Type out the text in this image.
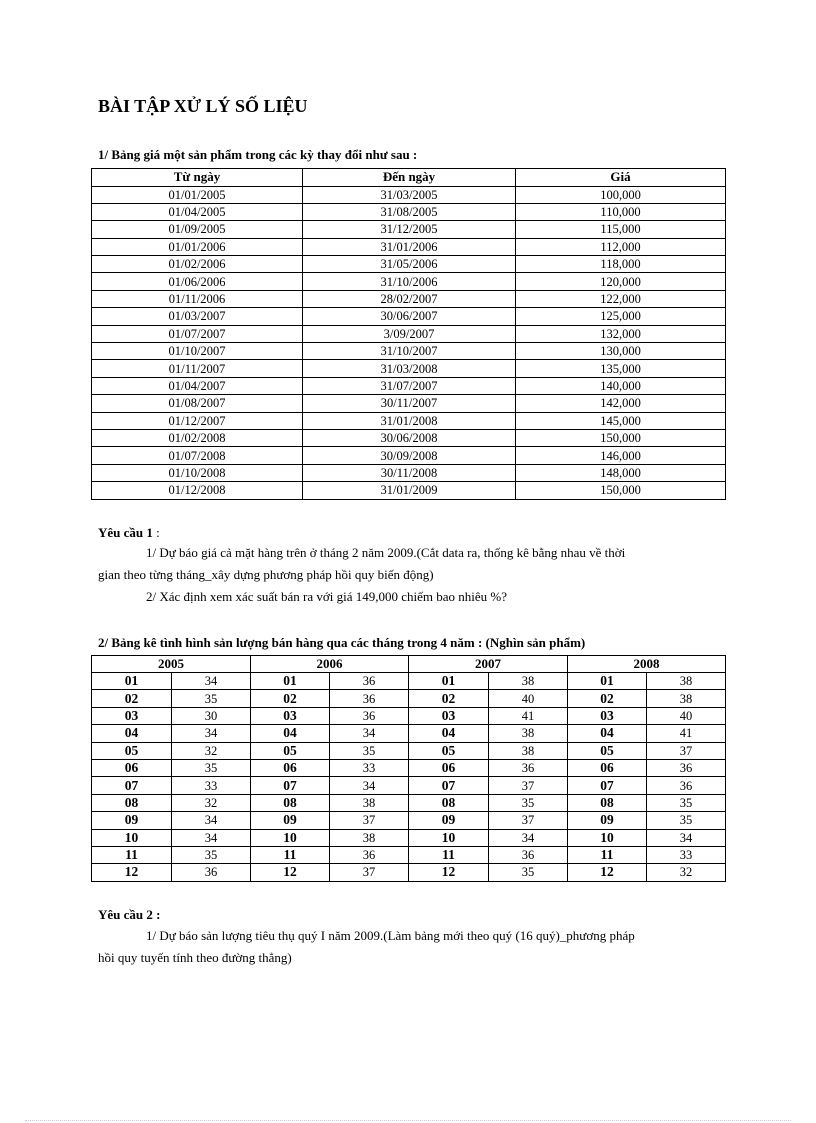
BÀI TẬP XỬ LÝ SỐ LIỆU
1/ Bảng giá một sản phẩm trong các kỳ thay đổi như sau :
Từ ngày	Đến ngày	Giá
01/01/2005	31/03/2005	100,000
01/04/2005	31/08/2005	110,000
01/09/2005	31/12/2005	115,000
01/01/2006	31/01/2006	112,000
01/02/2006	31/05/2006	118,000
01/06/2006	31/10/2006	120,000
01/11/2006	28/02/2007	122,000
01/03/2007	30/06/2007	125,000
01/07/2007	3/09/2007	132,000
01/10/2007	31/10/2007	130,000
01/11/2007	31/03/2008	135,000
01/04/2007	31/07/2007	140,000
01/08/2007	30/11/2007	142,000
01/12/2007	31/01/2008	145,000
01/02/2008	30/06/2008	150,000
01/07/2008	30/09/2008	146,000
01/10/2008	30/11/2008	148,000
01/12/2008	31/01/2009	150,000
Yêu cầu 1 :
1/ Dự báo giá cả mặt hàng trên ở tháng 2 năm 2009.(Cắt data ra, thống kê bằng nhau về thời
gian theo từng tháng_xây dựng phương pháp hồi quy biến động)
2/ Xác định xem xác suất bán ra với giá 149,000 chiếm bao nhiêu %?
2/ Bảng kê tình hình sản lượng bán hàng qua các tháng trong 4 năm : (Nghìn sản phẩm)
2005		2006		2007		2008	
01	34	01	36	01	38	01	38
02	35	02	36	02	40	02	38
03	30	03	36	03	41	03	40
04	34	04	34	04	38	04	41
05	32	05	35	05	38	05	37
06	35	06	33	06	36	06	36
07	33	07	34	07	37	07	36
08	32	08	38	08	35	08	35
09	34	09	37	09	37	09	35
10	34	10	38	10	34	10	34
11	35	11	36	11	36	11	33
12	36	12	37	12	35	12	32
Yêu cầu 2 :
1/ Dự báo sản lượng tiêu thụ quý I năm 2009.(Làm bảng mới theo quý (16 quý)_phương pháp
hồi quy tuyến tính theo đường thẳng)
